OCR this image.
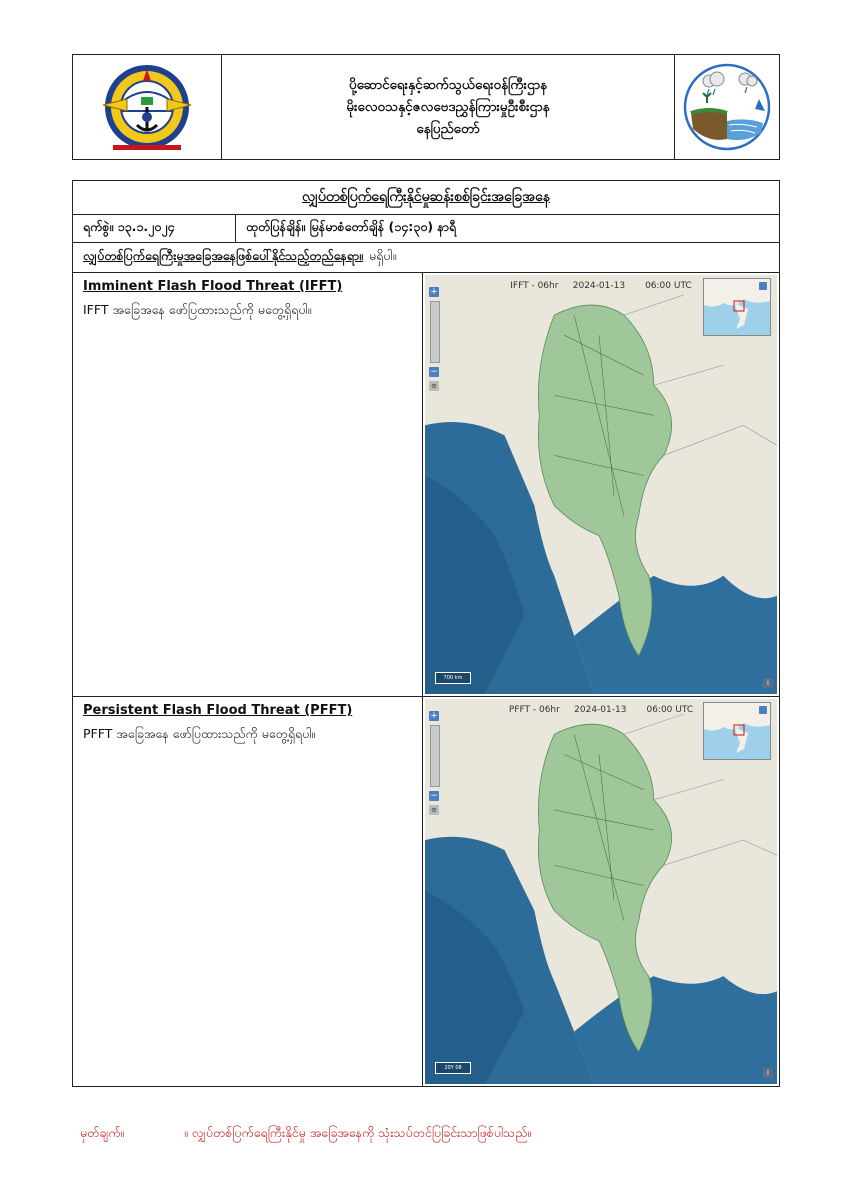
ပို့ဆောင်ရေးနှင့်ဆက်သွယ်ရေးဝန်ကြီးဌာန
မိုးလေဝသနှင့်ဇလဗေဒညွှန်ကြားမှုဦးစီးဌာန
နေပြည်တော်
လျှပ်တစ်ပြက်ရေကြီးနိုင်မှုဆန်းစစ်ခြင်းအခြေအနေ
ရက်စွဲ။ ၁၃.၁.၂၀၂၄	ထုတ်ပြန်ချိန်။ မြန်မာစံတော်ချိန် (၁၄:၃၀) နာရီ
လျှပ်တစ်ပြက်ရေကြီးမှုအခြေအနေဖြစ်ပေါ်နိုင်သည့်တည်နေရာ။ မရှိပါ။
Imminent Flash Flood Threat (IFFT)
IFFT အခြေအနေ ဖော်ပြထားသည်ကို မတွေ့ရှိရပါ။
IFFT - 06hr     2024-01-13       06:00 UTC
+
−
≡
700 km
i
Persistent Flash Flood Threat (PFFT)
PFFT အခြေအနေ ဖော်ပြထားသည်ကို မတွေ့ရှိရပါ။
PFFT - 06hr     2024-01-13       06:00 UTC
+
−
≡
20Y 08
i
မှတ်ချက်။	။ လျှပ်တစ်ပြက်ရေကြီးနိုင်မှု အခြေအနေကို သုံးသပ်တင်ပြခြင်းသာဖြစ်ပါသည်။
